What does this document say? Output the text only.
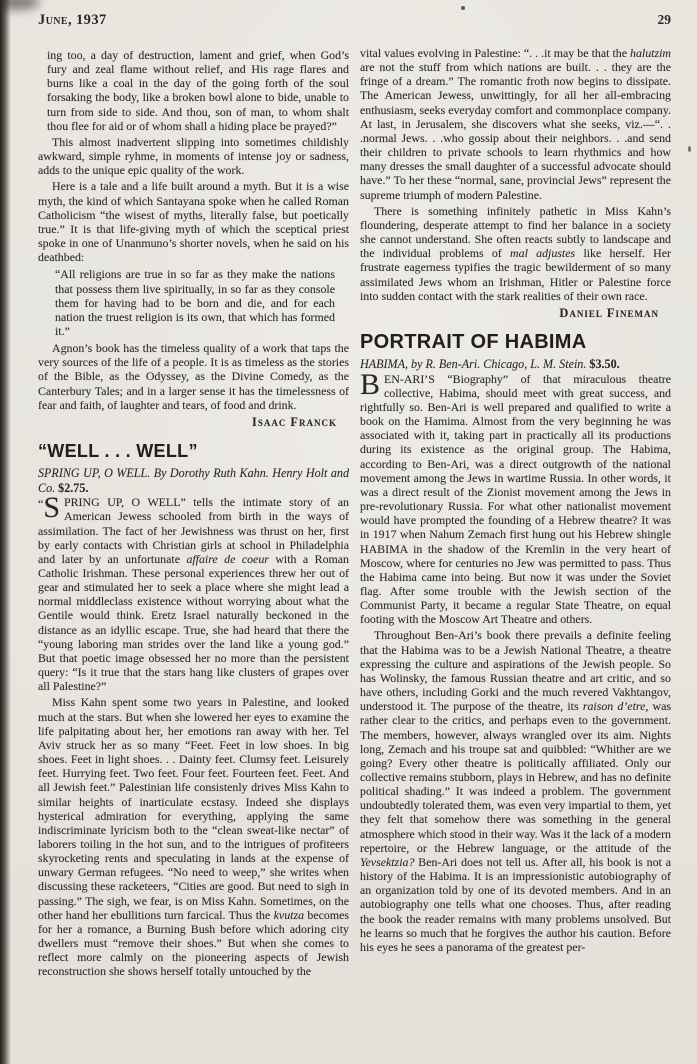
June, 1937	29

ing too, a day of destruction, lament and grief, when God’s fury and zeal flame without relief, and His rage flares and burns like a coal in the day of the going forth of the soul forsaking the body, like a broken bowl alone to bide, unable to turn from side to side. And thou, son of man, to whom shalt thou flee for aid or of whom shall a hiding place be prayed?”

This almost inadvertent slipping into sometimes childishly awkward, simple ryhme, in moments of intense joy or sadness, adds to the unique epic quality of the work.

Here is a tale and a life built around a myth. But it is a wise myth, the kind of which Santayana spoke when he called Roman Catholicism “the wisest of myths, literally false, but poetically true.” It is that life-giving myth of which the sceptical priest spoke in one of Unanmuno’s shorter novels, when he said on his deathbed:

“All religions are true in so far as they make the nations that possess them live spiritually, in so far as they console them for having had to be born and die, and for each nation the truest religion is its own, that which has formed it.”

Agnon’s book has the timeless quality of a work that taps the very sources of the life of a people. It is as timeless as the stories of the Bible, as the Odyssey, as the Divine Comedy, as the Canterbury Tales; and in a larger sense it has the timelessness of fear and faith, of laughter and tears, of food and drink.

Isaac Franck
“WELL . . . WELL”

SPRING UP, O WELL. By Dorothy Ruth Kahn. Henry Holt and Co. $2.75.

“S PRING UP, O WELL” tells the intimate story of an American Jewess schooled from birth in the ways of assimilation. The fact of her Jewishness was thrust on her, first by early contacts with Christian girls at school in Philadelphia and later by an unfortunate affaire de coeur with a Roman Catholic Irishman. These personal experiences threw her out of gear and stimulated her to seek a place where she might lead a normal middleclass existence without worrying about what the Gentile would think. Eretz Israel naturally beckoned in the distance as an idyllic escape. True, she had heard that there the “young laboring man strides over the land like a young god.” But that poetic image obsessed her no more than the persistent query: “Is it true that the stars hang like clusters of grapes over all Palestine?”

Miss Kahn spent some two years in Palestine, and looked much at the stars. But when she lowered her eyes to examine the life palpitating about her, her emotions ran away with her. Tel Aviv struck her as so many “Feet. Feet in low shoes. In big shoes. Feet in light shoes. . . Dainty feet. Clumsy feet. Leisurely feet. Hurrying feet. Two feet. Four feet. Fourteen feet. Feet. And all Jewish feet.” Palestinian life consistenly drives Miss Kahn to similar heights of inarticulate ecstasy. Indeed she displays hysterical admiration for everything, applying the same indiscriminate lyricism both to the “clean sweat-like nectar” of laborers toiling in the hot sun, and to the intrigues of profiteers skyrocketing rents and speculating in lands at the expense of unwary German refugees. “No need to weep,” she writes when discussing these racketeers, “Cities are good. But need to sigh in passing.” The sigh, we fear, is on Miss Kahn. Sometimes, on the other hand her ebullitions turn farcical. Thus the kvutza becomes for her a romance, a Burning Bush before which adoring city dwellers must “remove their shoes.” But when she comes to reflect more calmly on the pioneering aspects of Jewish reconstruction she shows herself totally untouched by the

vital values evolving in Palestine: “. . .it may be that the halutzim are not the stuff from which nations are built. . . they are the fringe of a dream.” The romantic froth now begins to dissipate. The American Jewess, unwittingly, for all her all-embracing enthusiasm, seeks everyday comfort and commonplace company. At last, in Jerusalem, she discovers what she seeks, viz.—“. . .normal Jews. . .who gossip about their neighbors. . .and send their children to private schools to learn rhythmics and how many dresses the small daughter of a successful advocate should have.” To her these “normal, sane, provincial Jews” represent the supreme triumph of modern Palestine.

There is something infinitely pathetic in Miss Kahn’s floundering, desperate attempt to find her balance in a society she cannot understand. She often reacts subtly to landscape and the individual problems of mal adjustes like herself. Her frustrate eagerness typifies the tragic bewilderment of so many assimilated Jews whom an Irishman, Hitler or Palestine force into sudden contact with the stark realities of their own race.

Daniel Fineman
PORTRAIT OF HABIMA

HABIMA, by R. Ben-Ari. Chicago, L. M. Stein. $3.50.

BEN-ARI’S “Biography” of that miraculous theatre collective, Habima, should meet with great success, and rightfully so. Ben-Ari is well prepared and qualified to write a book on the Hamima. Almost from the very beginning he was associated with it, taking part in practically all its productions during its existence as the original group. The Habima, according to Ben-Ari, was a direct outgrowth of the national movement among the Jews in wartime Russia. In other words, it was a direct result of the Zionist movement among the Jews in pre-revolutionary Russia. For what other nationalist movement would have prompted the founding of a Hebrew theatre? It was in 1917 when Nahum Zemach first hung out his Hebrew shingle HABIMA in the shadow of the Kremlin in the very heart of Moscow, where for centuries no Jew was permitted to pass. Thus the Habima came into being. But now it was under the Soviet flag. After some trouble with the Jewish section of the Communist Party, it became a regular State Theatre, on equal footing with the Moscow Art Theatre and others.

Throughout Ben-Ari’s book there prevails a definite feeling that the Habima was to be a Jewish National Theatre, a theatre expressing the culture and aspirations of the Jewish people. So has Wolinsky, the famous Russian theatre and art critic, and so have others, including Gorki and the much revered Vakhtangov, understood it. The purpose of the theatre, its raison d’etre, was rather clear to the critics, and perhaps even to the government. The members, however, always wrangled over its aim. Nights long, Zemach and his troupe sat and quibbled: “Whither are we going? Every other theatre is politically affiliated. Only our collective remains stubborn, plays in Hebrew, and has no definite political shading.” It was indeed a problem. The government undoubtedly tolerated them, was even very impartial to them, yet they felt that somehow there was something in the general atmosphere which stood in their way. Was it the lack of a modern repertoire, or the Hebrew language, or the attitude of the Yevsektzia? Ben-Ari does not tell us. After all, his book is not a history of the Habima. It is an impressionistic autobiography of an organization told by one of its devoted members. And in an autobiography one tells what one chooses. Thus, after reading the book the reader remains with many problems unsolved. But he learns so much that he forgives the author his caution. Before his eyes he sees a panorama of the greatest per-
